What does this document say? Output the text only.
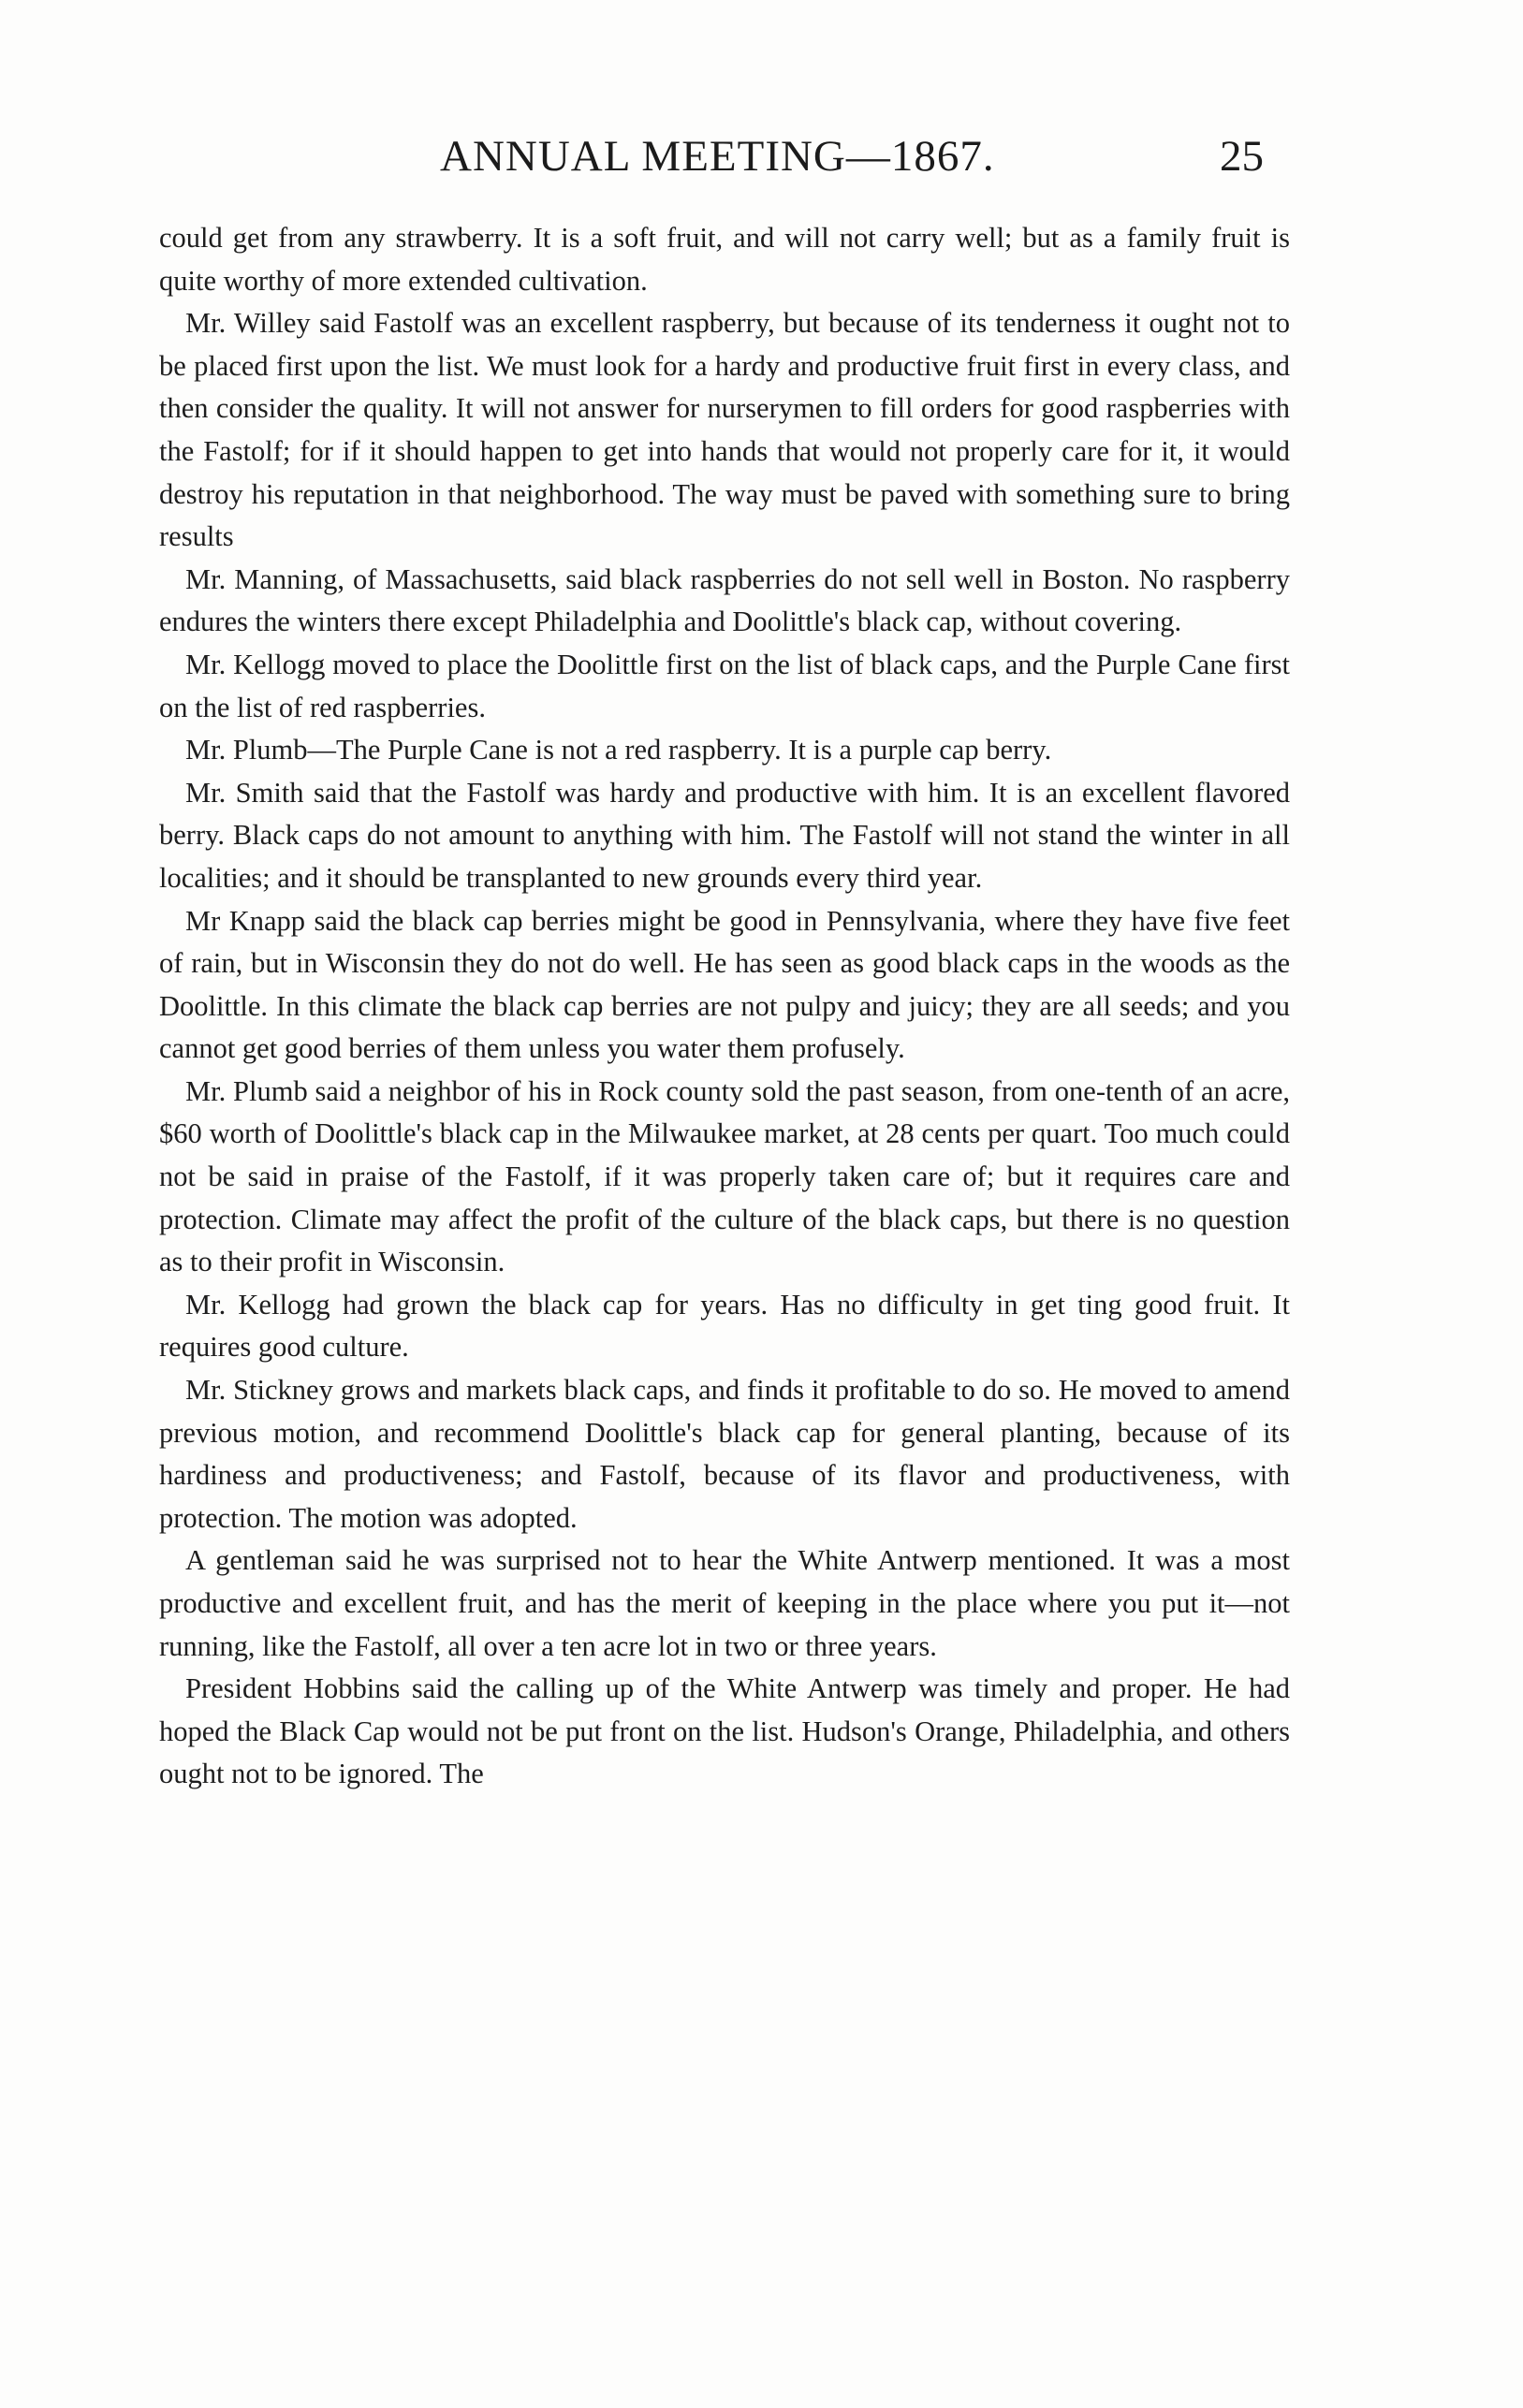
ANNUAL MEETING—1867.	25

could get from any strawberry. It is a soft fruit, and will not carry well; but as a family fruit is quite worthy of more extended cultivation.

Mr. Willey said Fastolf was an excellent raspberry, but because of its tenderness it ought not to be placed first upon the list. We must look for a hardy and productive fruit first in every class, and then consider the quality. It will not answer for nurserymen to fill orders for good raspberries with the Fastolf; for if it should happen to get into hands that would not properly care for it, it would destroy his reputation in that neighborhood. The way must be paved with something sure to bring results

Mr. Manning, of Massachusetts, said black raspberries do not sell well in Boston. No raspberry endures the winters there except Philadelphia and Doolittle's black cap, without covering.

Mr. Kellogg moved to place the Doolittle first on the list of black caps, and the Purple Cane first on the list of red raspberries.

Mr. Plumb—The Purple Cane is not a red raspberry. It is a purple cap berry.

Mr. Smith said that the Fastolf was hardy and productive with him. It is an excellent flavored berry. Black caps do not amount to anything with him. The Fastolf will not stand the winter in all localities; and it should be transplanted to new grounds every third year.

Mr Knapp said the black cap berries might be good in Pennsylvania, where they have five feet of rain, but in Wisconsin they do not do well. He has seen as good black caps in the woods as the Doolittle. In this climate the black cap berries are not pulpy and juicy; they are all seeds; and you cannot get good berries of them unless you water them profusely.

Mr. Plumb said a neighbor of his in Rock county sold the past season, from one-tenth of an acre, $60 worth of Doolittle's black cap in the Milwaukee market, at 28 cents per quart. Too much could not be said in praise of the Fastolf, if it was properly taken care of; but it requires care and protection. Climate may affect the profit of the culture of the black caps, but there is no question as to their profit in Wisconsin.

Mr. Kellogg had grown the black cap for years. Has no difficulty in get ting good fruit. It requires good culture.

Mr. Stickney grows and markets black caps, and finds it profitable to do so. He moved to amend previous motion, and recommend Doolittle's black cap for general planting, because of its hardiness and productiveness; and Fastolf, because of its flavor and productiveness, with protection. The motion was adopted.

A gentleman said he was surprised not to hear the White Antwerp mentioned. It was a most productive and excellent fruit, and has the merit of keeping in the place where you put it—not running, like the Fastolf, all over a ten acre lot in two or three years.

President Hobbins said the calling up of the White Antwerp was timely and proper. He had hoped the Black Cap would not be put front on the list. Hudson's Orange, Philadelphia, and others ought not to be ignored. The
